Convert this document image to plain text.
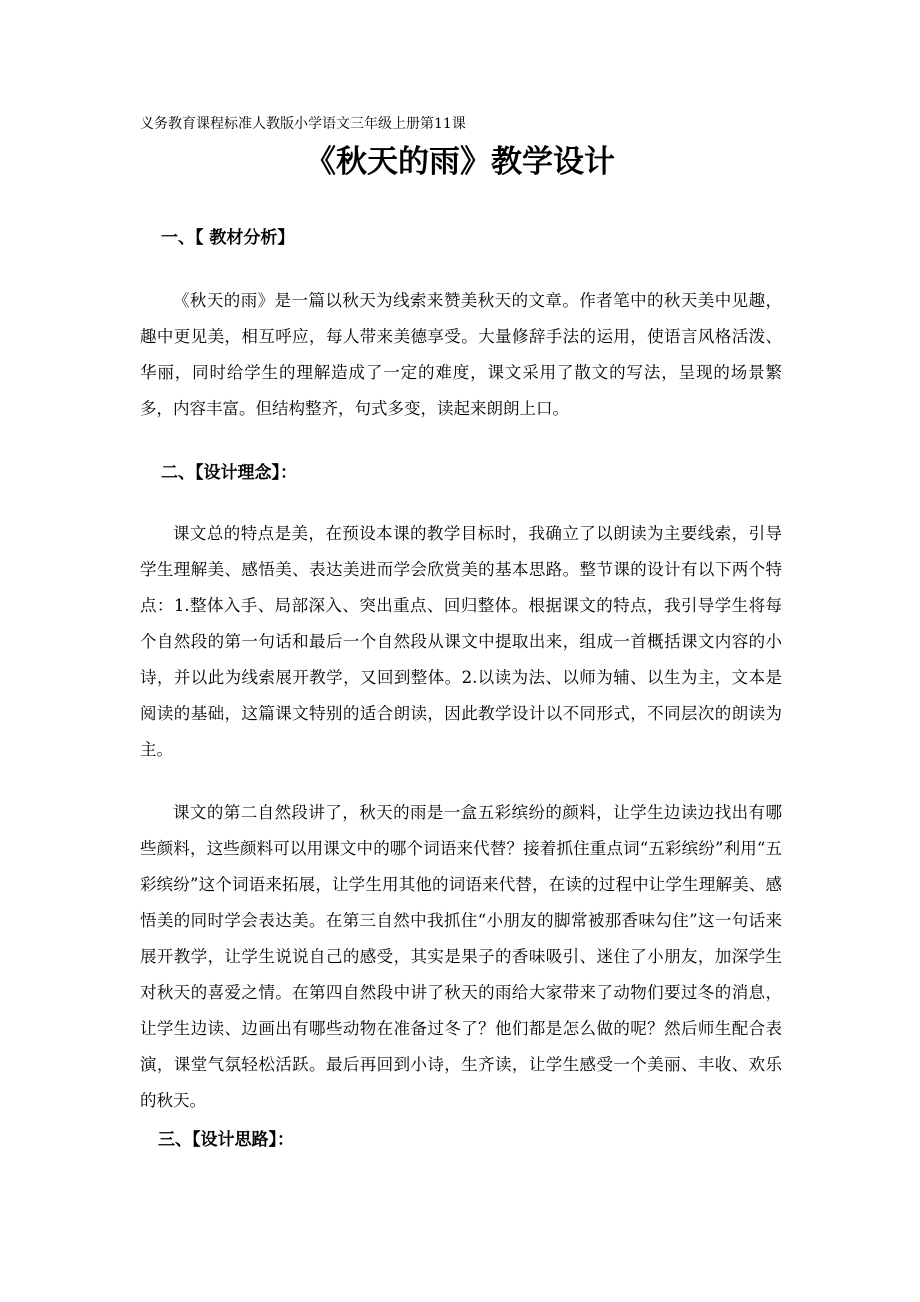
义务教育课程标准人教版小学语文三年级上册第11课
《秋天的雨》教学设计
一、【 教材分析】

《秋天的雨》是一篇以秋天为线索来赞美秋天的文章。作者笔中的秋天美中见趣，趣中更见美，相互呼应，每人带来美德享受。大量修辞手法的运用，使语言风格活泼、华丽，同时给学生的理解造成了一定的难度，课文采用了散文的写法，呈现的场景繁多，内容丰富。但结构整齐，句式多变，读起来朗朗上口。

二、【设计理念】：

课文总的特点是美，在预设本课的教学目标时，我确立了以朗读为主要线索，引导学生理解美、感悟美、表达美进而学会欣赏美的基本思路。整节课的设计有以下两个特点：1.整体入手、局部深入、突出重点、回归整体。根据课文的特点，我引导学生将每个自然段的第一句话和最后一个自然段从课文中提取出来，组成一首概括课文内容的小诗，并以此为线索展开教学，又回到整体。2.以读为法、以师为辅、以生为主，文本是阅读的基础，这篇课文特别的适合朗读，因此教学设计以不同形式，不同层次的朗读为主。

课文的第二自然段讲了，秋天的雨是一盒五彩缤纷的颜料，让学生边读边找出有哪些颜料，这些颜料可以用课文中的哪个词语来代替？接着抓住重点词“五彩缤纷”利用“五彩缤纷”这个词语来拓展，让学生用其他的词语来代替，在读的过程中让学生理解美、感悟美的同时学会表达美。在第三自然中我抓住“小朋友的脚常被那香味勾住”这一句话来展开教学，让学生说说自己的感受，其实是果子的香味吸引、迷住了小朋友，加深学生对秋天的喜爱之情。在第四自然段中讲了秋天的雨给大家带来了动物们要过冬的消息，让学生边读、边画出有哪些动物在准备过冬了？他们都是怎么做的呢？然后师生配合表演，课堂气氛轻松活跃。最后再回到小诗，生齐读，让学生感受一个美丽、丰收、欢乐的秋天。

三、【设计思路】：
